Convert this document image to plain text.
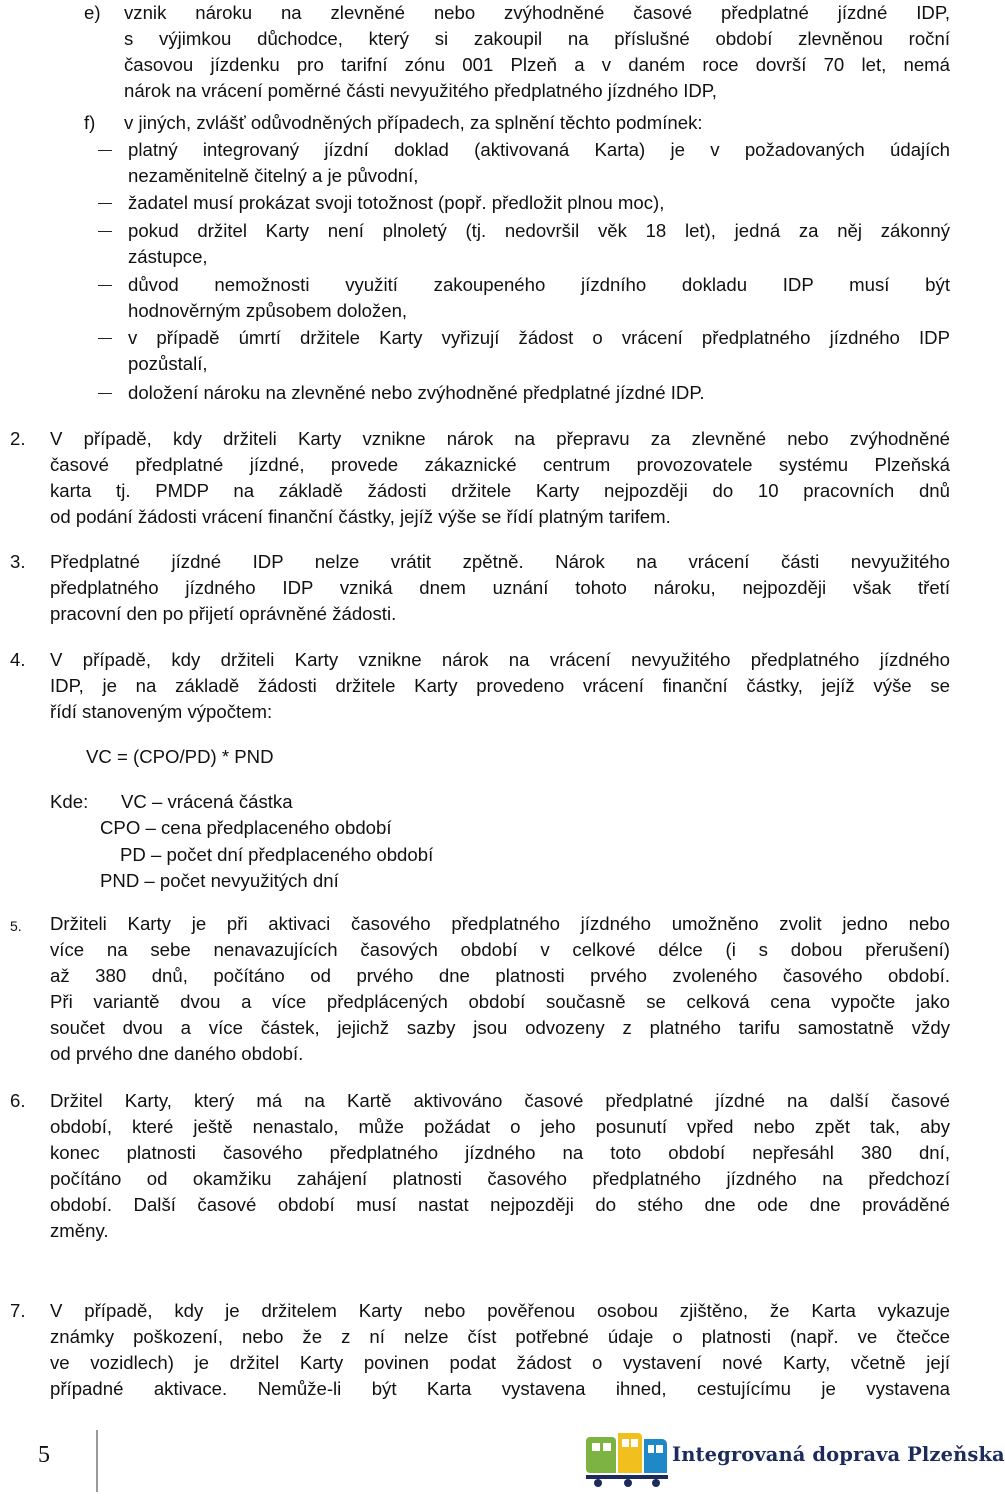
e) vznik nároku na zlevněné nebo zvýhodněné časové předplatné jízdné IDP,
s výjimkou důchodce, který si zakoupil na příslušné období zlevněnou roční
časovou jízdenku pro tarifní zónu 001 Plzeň a v daném roce dovrší 70 let, nemá
nárok na vrácení poměrné části nevyužitého předplatného jízdného IDP,
f) v jiných, zvlášť odůvodněných případech, za splnění těchto podmínek:
platný integrovaný jízdní doklad (aktivovaná Karta) je v požadovaných údajích
nezaměnitelně čitelný a je původní,
žadatel musí prokázat svoji totožnost (popř. předložit plnou moc),
pokud držitel Karty není plnoletý (tj. nedovršil věk 18 let), jedná za něj zákonný
zástupce,
důvod nemožnosti využití zakoupeného jízdního dokladu IDP musí být
hodnověrným způsobem doložen,
v případě úmrtí držitele Karty vyřizují žádost o vrácení předplatného jízdného IDP
pozůstalí,
doložení nároku na zlevněné nebo zvýhodněné předplatné jízdné IDP.
2. V případě, kdy držiteli Karty vznikne nárok na přepravu za zlevněné nebo zvýhodněné
časové předplatné jízdné, provede zákaznické centrum provozovatele systému Plzeňská
karta tj. PMDP na základě žádosti držitele Karty nejpozději do 10 pracovních dnů
od podání žádosti vrácení finanční částky, jejíž výše se řídí platným tarifem.
3. Předplatné jízdné IDP nelze vrátit zpětně. Nárok na vrácení části nevyužitého
předplatného jízdného IDP vzniká dnem uznání tohoto nároku, nejpozději však třetí
pracovní den po přijetí oprávněné žádosti.
4. V případě, kdy držiteli Karty vznikne nárok na vrácení nevyužitého předplatného jízdného
IDP, je na základě žádosti držitele Karty provedeno vrácení finanční částky, jejíž výše se
řídí stanoveným výpočtem:
VC = (CPO/PD) * PND
Kde: VC – vrácená částka
CPO – cena předplaceného období
PD – počet dní předplaceného období
PND – počet nevyužitých dní
5. Držiteli Karty je při aktivaci časového předplatného jízdného umožněno zvolit jedno nebo
více na sebe nenavazujících časových období v celkové délce (i s dobou přerušení)
až 380 dnů, počítáno od prvého dne platnosti prvého zvoleného časového období.
Při variantě dvou a více předplácených období současně se celková cena vypočte jako
součet dvou a více částek, jejichž sazby jsou odvozeny z platného tarifu samostatně vždy
od prvého dne daného období.
6. Držitel Karty, který má na Kartě aktivováno časové předplatné jízdné na další časové
období, které ještě nenastalo, může požádat o jeho posunutí vpřed nebo zpět tak, aby
konec platnosti časového předplatného jízdného na toto období nepřesáhl 380 dní,
počítáno od okamžiku zahájení platnosti časového předplatného jízdného na předchozí
období. Další časové období musí nastat nejpozději do stého dne ode dne prováděné
změny.
7. V případě, kdy je držitelem Karty nebo pověřenou osobou zjištěno, že Karta vykazuje
známky poškození, nebo že z ní nelze číst potřebné údaje o platnosti (např. ve čtečce
ve vozidlech) je držitel Karty povinen podat žádost o vystavení nové Karty, včetně její
případné aktivace. Nemůže-li být Karta vystavena ihned, cestujícímu je vystavena
5	Integrovaná doprava Plzeňska
